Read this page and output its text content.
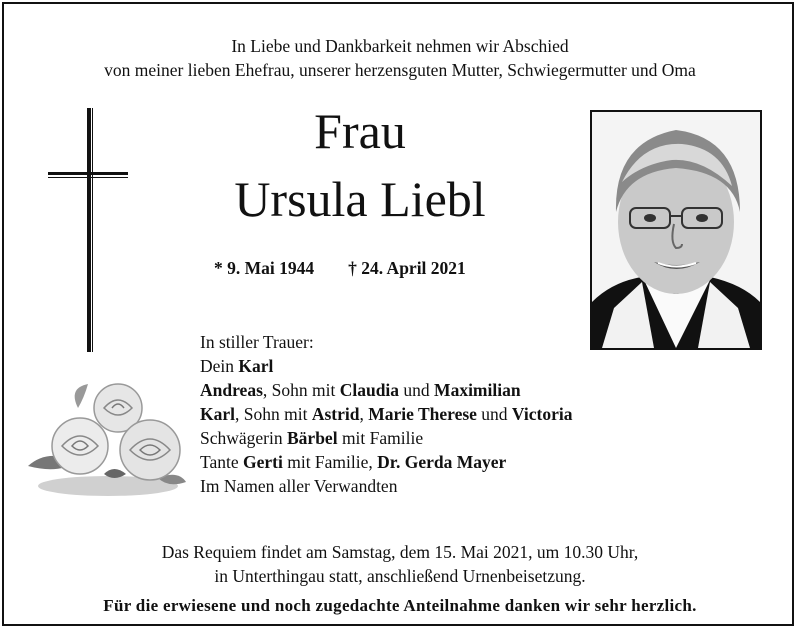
In Liebe und Dankbarkeit nehmen wir Abschied
von meiner lieben Ehefrau, unserer herzensguten Mutter, Schwiegermutter und Oma
Frau
Ursula Liebl
* 9. Mai 1944 † 24. April 2021
In stiller Trauer:
Dein Karl
Andreas, Sohn mit Claudia und Maximilian
Karl, Sohn mit Astrid, Marie Therese und Victoria
Schwägerin Bärbel mit Familie
Tante Gerti mit Familie, Dr. Gerda Mayer
Im Namen aller Verwandten
Das Requiem findet am Samstag, dem 15. Mai 2021, um 10.30 Uhr,
in Unterthingau statt, anschließend Urnenbeisetzung.
Für die erwiesene und noch zugedachte Anteilnahme danken wir sehr herzlich.
